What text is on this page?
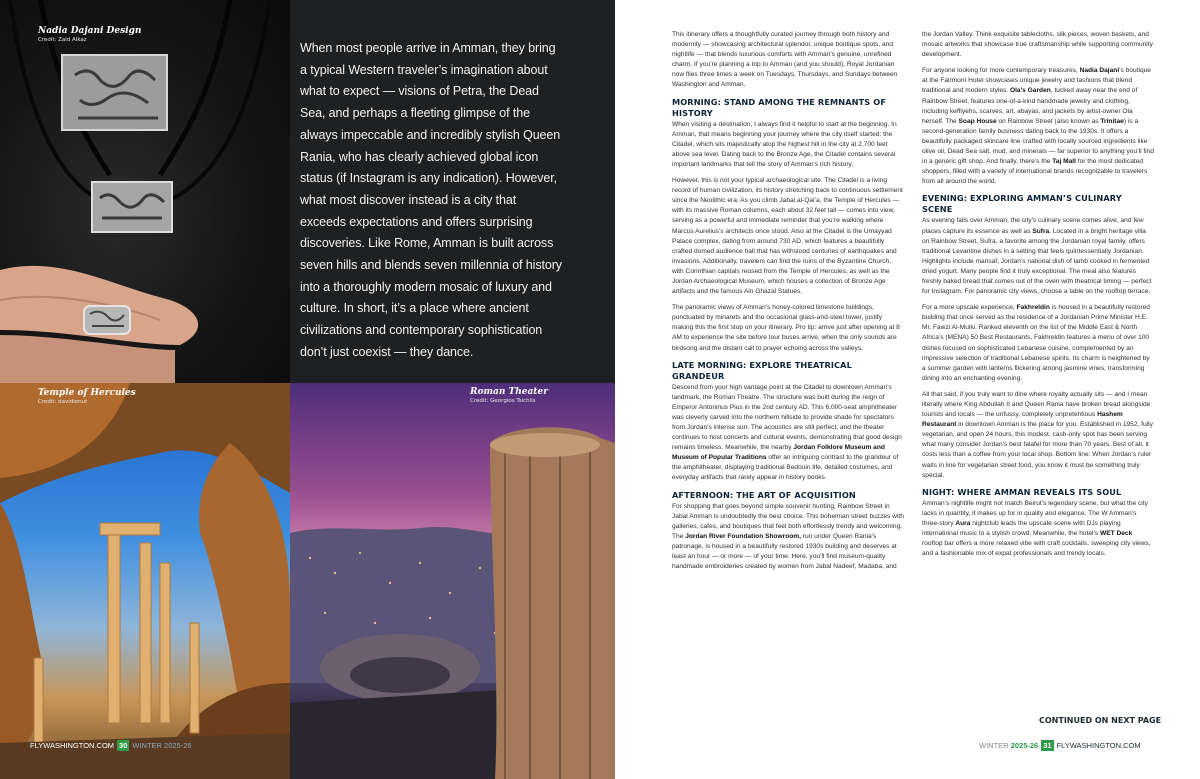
Nadia Dajani Design
Credit: Zaid Alkaz
When most people arrive in Amman, they bring a typical Western traveler’s imagination about what to expect — visions of Petra, the Dead Sea, and perhaps a fleeting glimpse of the always impeccable and incredibly stylish Queen Rania, who has clearly achieved global icon status (if Instagram is any indication). However, what most discover instead is a city that exceeds expectations and offers surprising discoveries. Like Rome, Amman is built across seven hills and blends seven millennia of history into a thoroughly modern mosaic of luxury and culture. In short, it’s a place where ancient civilizations and contemporary sophistication don’t just coexist — they dance.
Temple of Hercules
Credit: davidionut
Roman Theater
Credit: Georgios Tsichlis

This itinerary offers a thoughtfully curated journey through both history and modernity — showcasing architectural splendor, unique boutique spots, and nightlife — that blends luxurious comforts with Amman’s genuine, unrefined charm. If you’re planning a trip to Amman (and you should), Royal Jordanian now flies three times a week on Tuesdays, Thursdays, and Sundays between Washington and Amman.

MORNING: STAND AMONG THE REMNANTS OF HISTORY

When visiting a destination, I always find it helpful to start at the beginning. In Amman, that means beginning your journey where the city itself started: the Citadel, which sits majestically atop the highest hill in the city at 2,700 feet above sea level. Dating back to the Bronze Age, the Citadel contains several important landmarks that tell the story of Amman’s rich history.

However, this is not your typical archaeological site. The Citadel is a living record of human civilization, its history stretching back to continuous settlement since the Neolithic era. As you climb Jabal al-Qal’a, the Temple of Hercules — with its massive Roman columns, each about 32 feet tall — comes into view, serving as a powerful and immediate reminder that you’re walking where Marcus Aurelius’s architects once stood. Also at the Citadel is the Umayyad Palace complex, dating from around 730 AD, which features a beautifully crafted domed audience hall that has withstood centuries of earthquakes and invasions. Additionally, travelers can find the ruins of the Byzantine Church, with Corinthian capitals reused from the Temple of Hercules, as well as the Jordan Archaeological Museum, which houses a collection of Bronze Age artifacts and the famous Ain Ghazal Statues.

The panoramic views of Amman’s honey-colored limestone buildings, punctuated by minarets and the occasional glass-and-steel tower, justify making this the first stop on your itinerary. Pro tip: arrive just after opening at 8 AM to experience the site before tour buses arrive, when the only sounds are birdsong and the distant call to prayer echoing across the valleys.

LATE MORNING: EXPLORE THEATRICAL GRANDEUR

Descend from your high vantage point at the Citadel to downtown Amman’s landmark, the Roman Theatre. The structure was built during the reign of Emperor Antoninus Pius in the 2nd century AD. This 6,000-seat amphitheater was cleverly carved into the northern hillside to provide shade for spectators from Jordan’s intense sun. The acoustics are still perfect, and the theater continues to host concerts and cultural events, demonstrating that good design remains timeless. Meanwhile, the nearby Jordan Folklore Museum and Museum of Popular Traditions offer an intriguing contrast to the grandeur of the amphitheater, displaying traditional Bedouin life, detailed costumes, and everyday artifacts that rarely appear in history books.

AFTERNOON: THE ART OF ACQUISITION

For shopping that goes beyond simple souvenir hunting, Rainbow Street in Jabal Amman is undoubtedly the best choice. This bohemian street buzzes with galleries, cafes, and boutiques that feel both effortlessly trendy and welcoming. The Jordan River Foundation Showroom, run under Queen Rania’s patronage, is housed in a beautifully restored 1930s building and deserves at least an hour — or more — of your time. Here, you’ll find museum-quality handmade embroideries created by women from Jabal Nadeef, Madaba, and

the Jordan Valley. Think exquisite tablecloths, silk pieces, woven baskets, and mosaic artworks that showcase true craftsmanship while supporting community development.

For anyone looking for more contemporary treasures, Nadia Dajani’s boutique at the Fairmont Hotel showcases unique jewelry and fashions that blend traditional and modern styles. Ola’s Garden, tucked away near the end of Rainbow Street, features one-of-a-kind handmade jewelry and clothing, including keffiyehs, scarves, art, abayas, and jackets by artist-owner Ola herself. The Soap House on Rainbow Street (also known as Trinitae) is a second-generation family business dating back to the 1930s. It offers a beautifully packaged skincare line crafted with locally sourced ingredients like olive oil, Dead Sea salt, mud, and minerals — far superior to anything you’ll find in a generic gift shop. And finally, there’s the Taj Mall for the most dedicated shoppers, filled with a variety of international brands recognizable to travelers from all around the world.

EVENING: EXPLORING AMMAN’S CULINARY SCENE

As evening falls over Amman, the city’s culinary scene comes alive, and few places capture its essence as well as Sufra. Located in a bright heritage villa on Rainbow Street, Sufra, a favorite among the Jordanian royal family, offers traditional Levantine dishes in a setting that feels quintessentially Jordanian. Highlights include mansaf, Jordan’s national dish of lamb cooked in fermented dried yogurt. Many people find it truly exceptional. The meal also features freshly baked bread that comes out of the oven with theatrical timing — perfect for Instagram. For panoramic city views, choose a table on the rooftop terrace.

For a more upscale experience, Fakhreldin is housed in a beautifully restored building that once served as the residence of a Jordanian Prime Minister H.E. Mr. Fawzi Al-Mulki. Ranked eleventh on the list of the Middle East & North Africa’s (MENA) 50 Best Restaurants, Fakhreldin features a menu of over 100 dishes focused on sophisticated Lebanese cuisine, complemented by an impressive selection of traditional Lebanese spirits. Its charm is heightened by a summer garden with lanterns flickering among jasmine vines, transforming dining into an enchanting evening.

All that said, if you truly want to dine where royalty actually sits — and I mean literally where King Abdullah II and Queen Rania have broken bread alongside tourists and locals — the unfussy, completely unpretentious Hashem Restaurant in downtown Amman is the place for you. Established in 1952, fully vegetarian, and open 24 hours, this modest, cash-only spot has been serving what many consider Jordan’s best falafel for more than 70 years. Best of all, it costs less than a coffee from your local shop. Bottom line: When Jordan’s ruler waits in line for vegetarian street food, you know it must be something truly special.

NIGHT: WHERE AMMAN REVEALS ITS SOUL

Amman’s nightlife might not match Beirut’s legendary scene, but what the city lacks in quantity, it makes up for in quality and elegance. The W Amman’s three-story Aura nightclub leads the upscale scene with DJs playing international music to a stylish crowd. Meanwhile, the hotel’s WET Deck rooftop bar offers a more relaxed vibe with craft cocktails, sweeping city views, and a fashionable mix of expat professionals and trendy locals.

CONTINUED ON NEXT PAGE
FLYWASHINGTON.COM 30 WINTER 2025-26	WINTER 2025-26 31 FLYWASHINGTON.COM
